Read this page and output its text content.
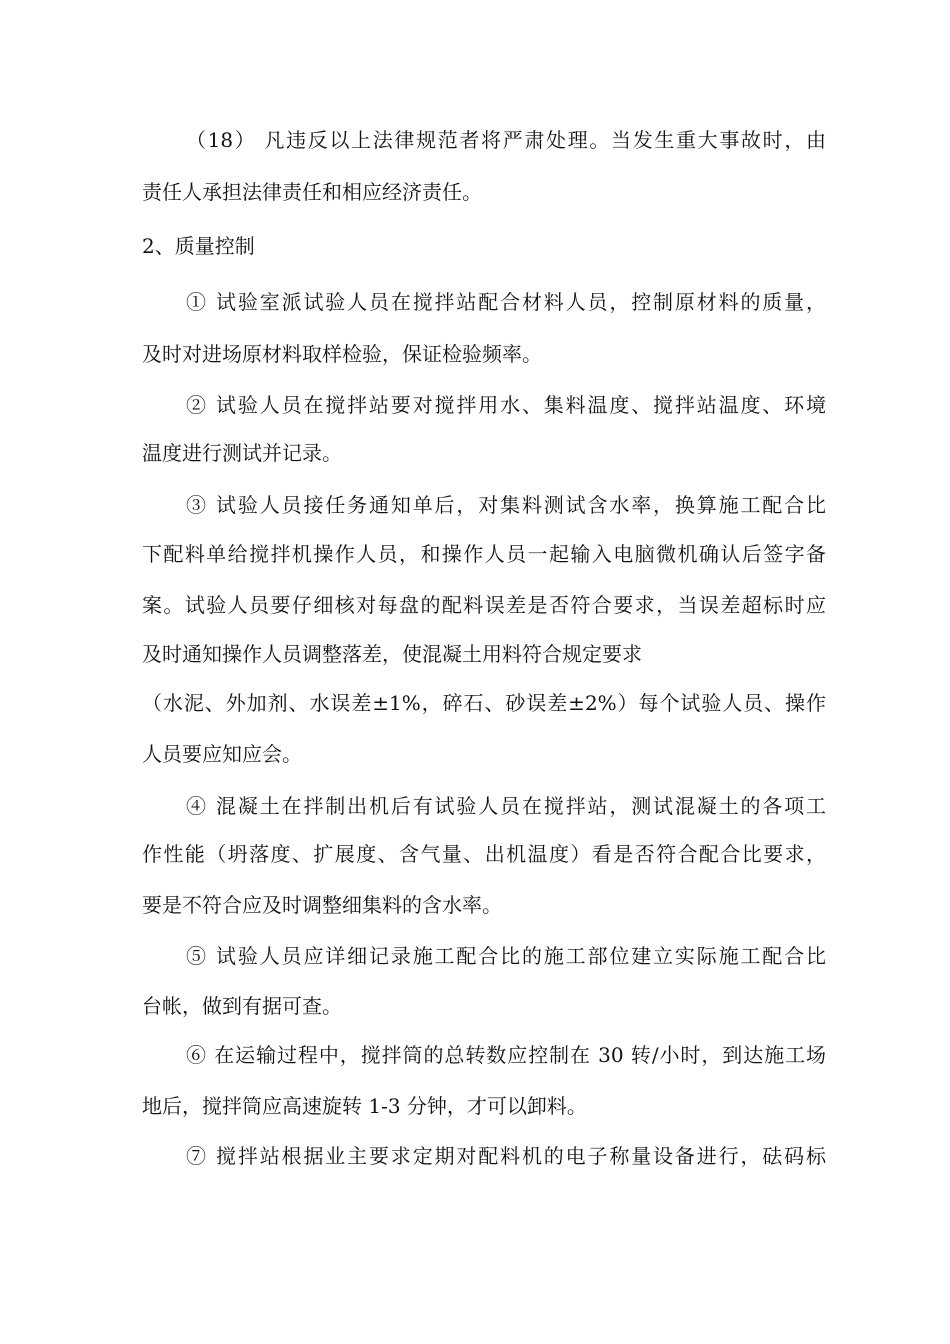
（18） 凡违反以上法律规范者将严肃处理。当发生重大事故时，由
责任人承担法律责任和相应经济责任。
2、质量控制
① 试验室派试验人员在搅拌站配合材料人员，控制原材料的质量，
及时对进场原材料取样检验，保证检验频率。
② 试验人员在搅拌站要对搅拌用水、集料温度、搅拌站温度、环境
温度进行测试并记录。
③ 试验人员接任务通知单后，对集料测试含水率，换算施工配合比
下配料单给搅拌机操作人员，和操作人员一起输入电脑微机确认后签字备
案。试验人员要仔细核对每盘的配料误差是否符合要求，当误差超标时应
及时通知操作人员调整落差，使混凝土用料符合规定要求
（水泥、外加剂、水误差±1%，碎石、砂误差±2%）每个试验人员、操作
人员要应知应会。
④ 混凝土在拌制出机后有试验人员在搅拌站，测试混凝土的各项工
作性能（坍落度、扩展度、含气量、出机温度）看是否符合配合比要求，
要是不符合应及时调整细集料的含水率。
⑤ 试验人员应详细记录施工配合比的施工部位建立实际施工配合比
台帐，做到有据可查。
⑥ 在运输过程中，搅拌筒的总转数应控制在 30 转/小时，到达施工场
地后，搅拌筒应高速旋转 1-3 分钟，才可以卸料。
⑦ 搅拌站根据业主要求定期对配料机的电子称量设备进行，砝码标
